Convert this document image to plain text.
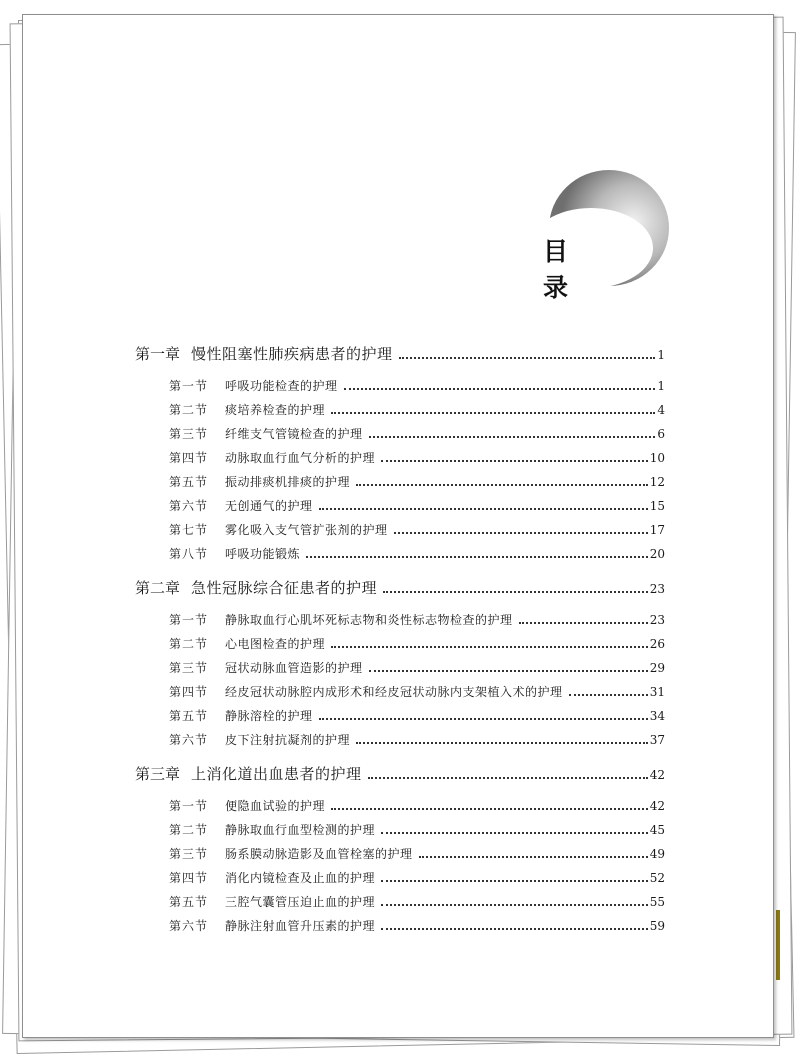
目 录
第一章 慢性阻塞性肺疾病患者的护理	1
第一节	呼吸功能检查的护理	1
第二节	痰培养检查的护理	4
第三节	纤维支气管镜检查的护理	6
第四节	动脉取血行血气分析的护理	10
第五节	振动排痰机排痰的护理	12
第六节	无创通气的护理	15
第七节	雾化吸入支气管扩张剂的护理	17
第八节	呼吸功能锻炼	20
第二章 急性冠脉综合征患者的护理	23
第一节	静脉取血行心肌坏死标志物和炎性标志物检查的护理	23
第二节	心电图检查的护理	26
第三节	冠状动脉血管造影的护理	29
第四节	经皮冠状动脉腔内成形术和经皮冠状动脉内支架植入术的护理	31
第五节	静脉溶栓的护理	34
第六节	皮下注射抗凝剂的护理	37
第三章 上消化道出血患者的护理	42
第一节	便隐血试验的护理	42
第二节	静脉取血行血型检测的护理	45
第三节	肠系膜动脉造影及血管栓塞的护理	49
第四节	消化内镜检查及止血的护理	52
第五节	三腔气囊管压迫止血的护理	55
第六节	静脉注射血管升压素的护理	59
